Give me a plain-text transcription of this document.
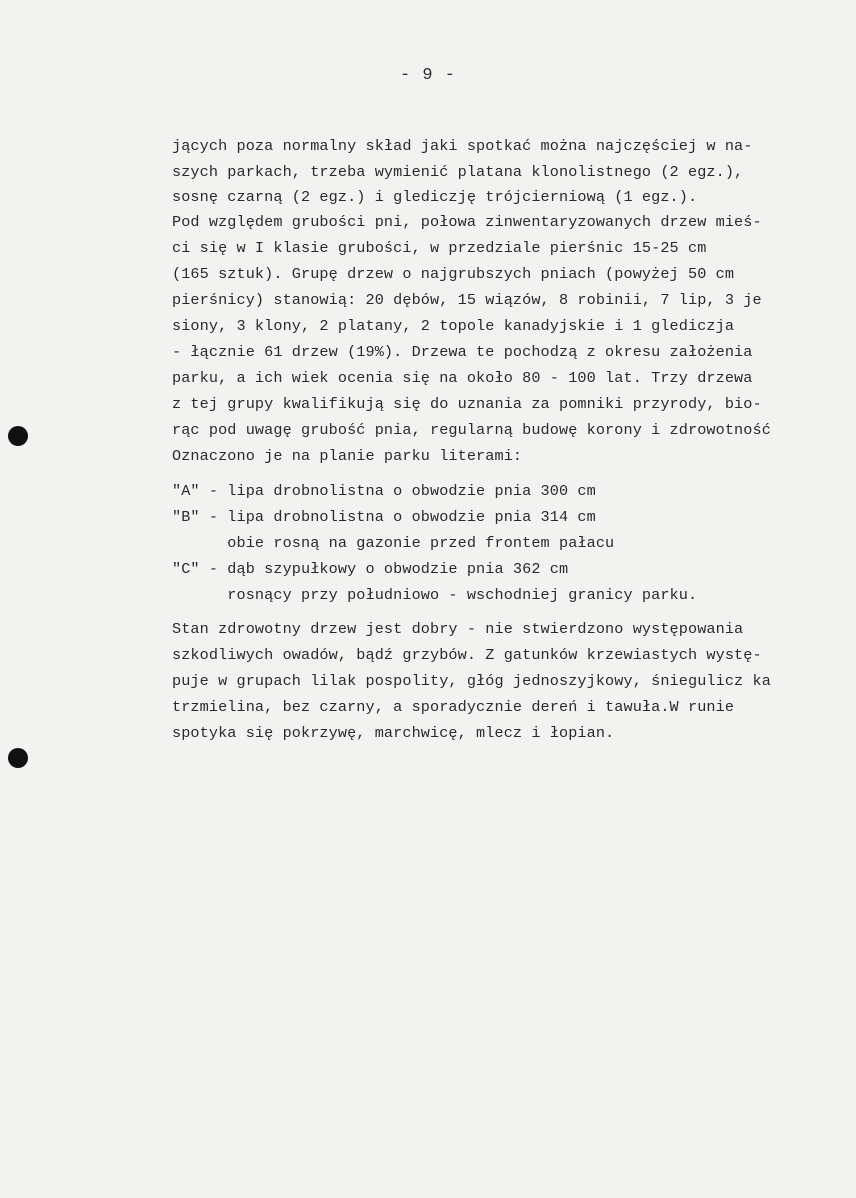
- 9 -
jących poza normalny skład jaki spotkać można najczęściej w na-
szych parkach, trzeba wymienić platana klonolistnego (2 egz.),
sosnę czarną (2 egz.) i glediczję trójcierniową (1 egz.).
Pod względem grubości pni, połowa zinwentaryzowanych drzew mieś-
ci się w I klasie grubości, w przedziale pierśnic 15-25 cm
(165 sztuk). Grupę drzew o najgrubszych pniach (powyżej 50 cm
pierśnicy) stanowią: 20 dębów, 15 wiązów, 8 robinii, 7 lip, 3 je
siony, 3 klony, 2 platany, 2 topole kanadyjskie i 1 glediczja
- łącznie 61 drzew (19%). Drzewa te pochodzą z okresu założenia
parku, a ich wiek ocenia się na około 80 - 100 lat. Trzy drzewa
z tej grupy kwalifikują się do uznania za pomniki przyrody, bio-
rąc pod uwagę grubość pnia, regularną budowę korony i zdrowotność
Oznaczono je na planie parku literami:
"A" - lipa drobnolistna o obwodzie pnia 300 cm
"B" - lipa drobnolistna o obwodzie pnia 314 cm
obie rosną na gazonie przed frontem pałacu
"C" - dąb szypułkowy o obwodzie pnia 362 cm
rosnący przy południowo - wschodniej granicy parku.
Stan zdrowotny drzew jest dobry - nie stwierdzono występowania
szkodliwych owadów, bądź grzybów. Z gatunków krzewiastych wystę-
puje w grupach lilak pospolity, głóg jednoszyjkowy, śniegulicz ka
trzmielina, bez czarny, a sporadycznie dereń i tawuła.W runie
spotyka się pokrzywę, marchwicę, mlecz i łopian.
